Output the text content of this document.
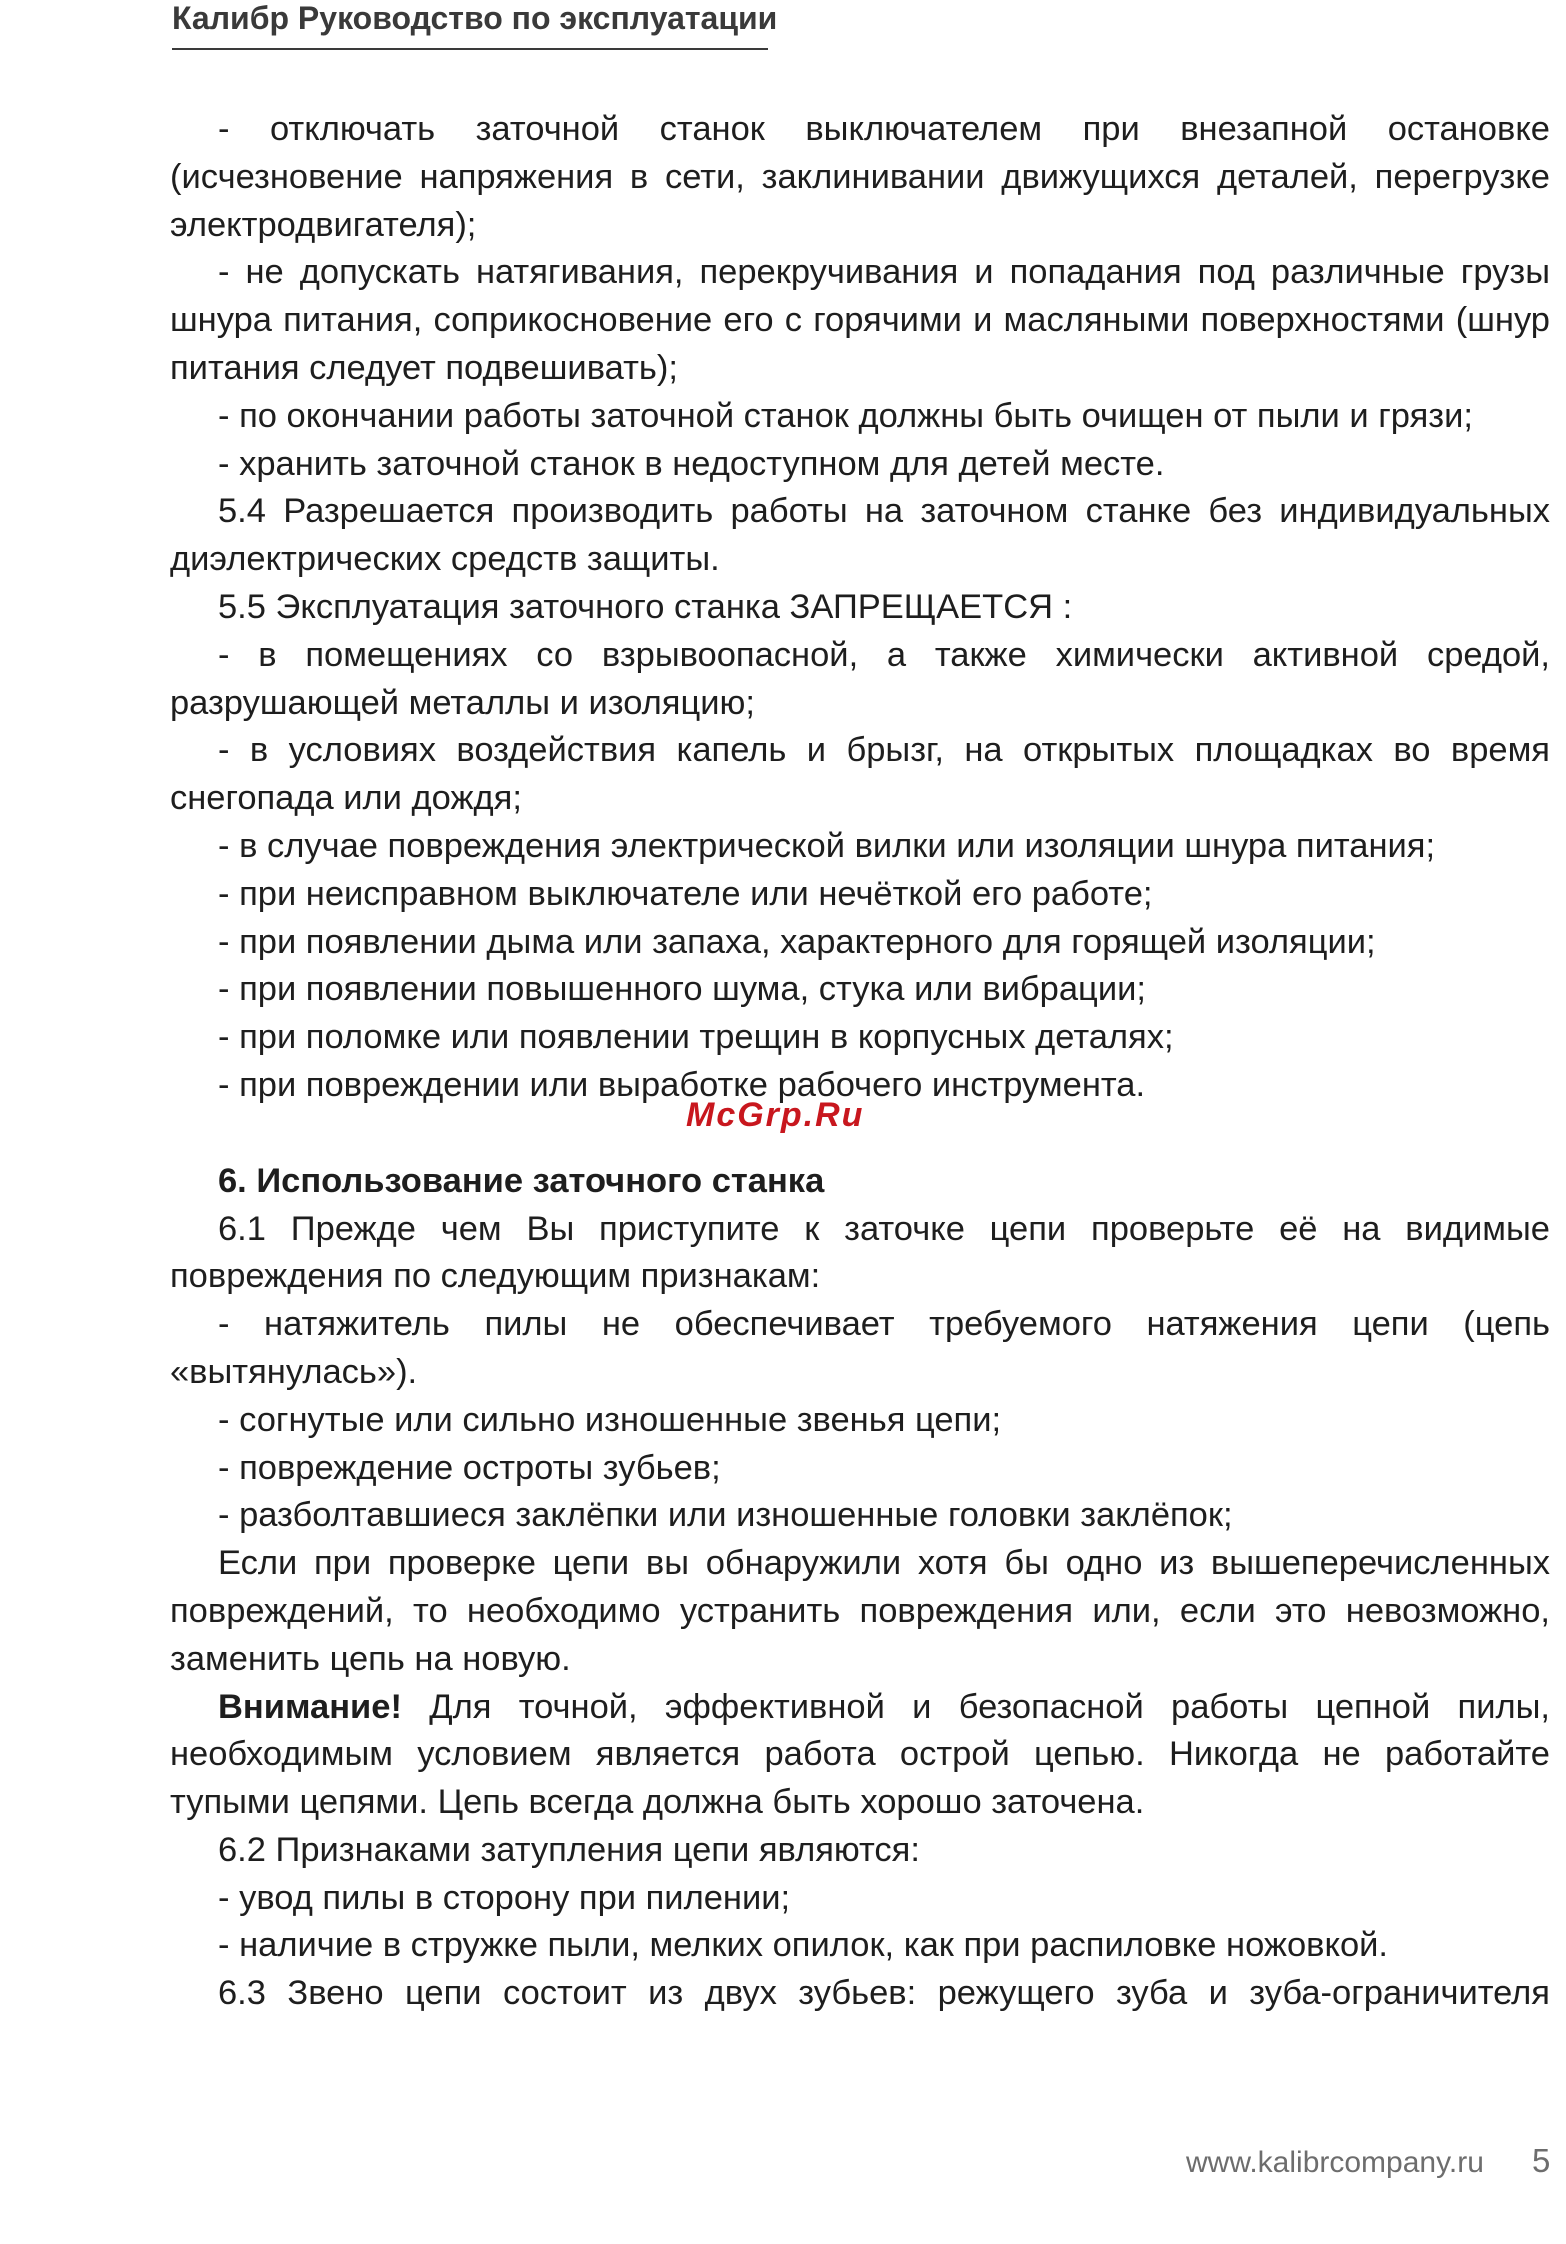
Калибр Руководство по эксплуатации

- отключать заточной станок выключателем при внезапной остановке (исчезновение напряжения в сети, заклинивании движущихся деталей, перегрузке электродвигателя);

- не допускать натягивания, перекручивания и попадания под различные грузы шнура питания, соприкосновение его с горячими и масляными поверхностями (шнур питания следует подвешивать);

- по окончании работы заточной станок должны быть очищен от пыли и грязи;

- хранить заточной станок в недоступном для детей месте.

5.4 Разрешается производить работы на заточном станке без индивидуальных диэлектрических средств защиты.

5.5 Эксплуатация заточного станка ЗАПРЕЩАЕТСЯ :

- в помещениях со взрывоопасной, а также химически активной средой, разрушающей металлы и изоляцию;

- в условиях воздействия капель и брызг, на открытых площадках во время снегопада или дождя;

- в случае повреждения электрической вилки или изоляции шнура питания;

- при неисправном выключателе или нечёткой его работе;

- при появлении дыма или запаха, характерного для горящей изоляции;

- при появлении повышенного шума, стука или вибрации;

- при поломке или появлении трещин в корпусных деталях;

- при повреждении или выработке рабочего инструмента.

6. Использование заточного станка

6.1 Прежде чем Вы приступите к заточке цепи проверьте её на видимые повреждения по следующим признакам:

- натяжитель пилы не обеспечивает требуемого натяжения цепи (цепь «вытянулась»).

- согнутые или сильно изношенные звенья цепи;

- повреждение остроты зубьев;

- разболтавшиеся заклёпки или изношенные головки заклёпок;

Если при проверке цепи вы обнаружили хотя бы одно из вышеперечисленных повреждений, то необходимо устранить повреждения или, если это невозможно, заменить цепь на новую.

Внимание! Для точной, эффективной и безопасной работы цепной пилы, необходимым условием является работа острой цепью. Никогда не работайте тупыми цепями. Цепь всегда должна быть хорошо заточена.

6.2 Признаками затупления цепи являются:

- увод пилы в сторону при пилении;

- наличие в стружке пыли, мелких опилок, как при распиловке ножовкой.

6.3 Звено цепи состоит из двух зубьев: режущего зуба и зуба-ограничителя

McGrp.Ru
www.kalibrcompany.ru 5
